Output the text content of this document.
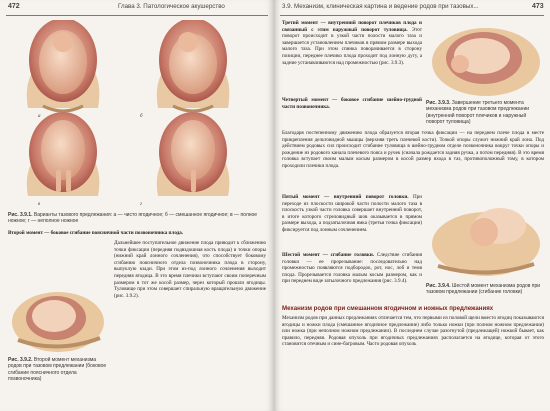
472	Глава 3. Патологическое акушерство
а	б
в	г
Рис. 3.9.1. Варианты тазового предлежания: а — чисто ягодичное; б — смешанное ягодичное; в — полное ножное; г — неполное ножное
Второй момент — боковое сгибание поясничной части позвоночника плода.
Дальнейшее поступательное движение плода приводит к сближению точки фиксации (передняя подвздошная кость плода) и точки опоры (нижний край лонного сочленения), что способствует боковому сгибанию поясничного отдела позвоночника плода в сторону, выпуклую кзади. При этом из-под лонного сочленения выходит передняя ягодица. В это время плечики вступают своим поперечным размером в тот же косой размер, через который прошли ягодицы. Туловище при этом совершает спиральную вращательную движение (рис. 3.9.2).
Рис. 3.9.2. Второй момент механизма родов при тазовом предлежании (боковое сгибание поясничного отдела позвоночника)
3.9. Механизм, клиническая картина и ведение родов при тазовых...	473
Третий момент — внутренний поворот плечиков плода и связанный с этим наружный поворот туловища. Этот поворот происходит в узкой части полости малого таза и завершается установлением плечиков в прямом размере выхода малого таза. При этом спинка поворачивается в сторону позиции, переднее плечико плода проходит под лонную дугу, а задние устанавливаются над промежностью (рис. 3.9.3).
Рис. 3.9.3. Завершение третьего момента механизма родов при тазовом предлежании (внутренний поворот плечиков и наружный поворот туловища)
Четвертый момент — боковое сгибание шейно-грудной части позвоночника.
Благодаря постепенному движению плода образуется вторая точка фиксации — на переднем плече плода в месте прикрепления дельтовидной мышцы (верхняя треть плечевой кости). Точкой опоры служит нижний край лона. Под действием родовых сил происходит сгибание туловища в шейно-грудном отделе позвоночника вокруг точки опоры и рождение из родового канала плечевого пояса и ручек (сначала рождается задняя ручка, а потом передняя). В это время головка вступает своим малым косым размером в косой размер входа в таз, противоположный тому, в котором проходили плечики плода.
Пятый момент — внутренний поворот головки. При переходе из плоскости широкой части полости малого таза в плоскость узкой части головка совершает внутренний поворот, в итоге которого стреловидный шов оказывается в прямом размере выхода, а подзатылочная ямка (третья точка фиксации) фиксируется под лонным сочленением.
Шестой момент — сгибание головки. Следствие сгибания головки — ее прорезывание: последовательно над промежностью появляются подбородок, рот, нос, лоб и темя плода. Прорезывается головка малым косым размером, как и при переднем виде затылочного предлежания (рис. 3.9.4).
Рис. 3.9.4. Шестой момент механизма родов при тазовом предлежании (сгибание головки)
Механизм родов при смешанном ягодичном и ножных предлежаниях
Механизм родов при данных предлежаниях отличается тем, что первыми из половой щели вместо ягодиц показываются ягодицы и ножки плода (смешанное ягодичное предлежание) либо только ножки (при полном ножном предлежании) или ножка (при неполном ножном предлежании). В последнем случае разогнутой (предлежащей) ножкой бывает, как правило, передняя. Родовая опухоль при ягодичных предлежаниях располагается на ягодице, которая от этого становится отечным и сине-багровым. Часто родовая опухоль
